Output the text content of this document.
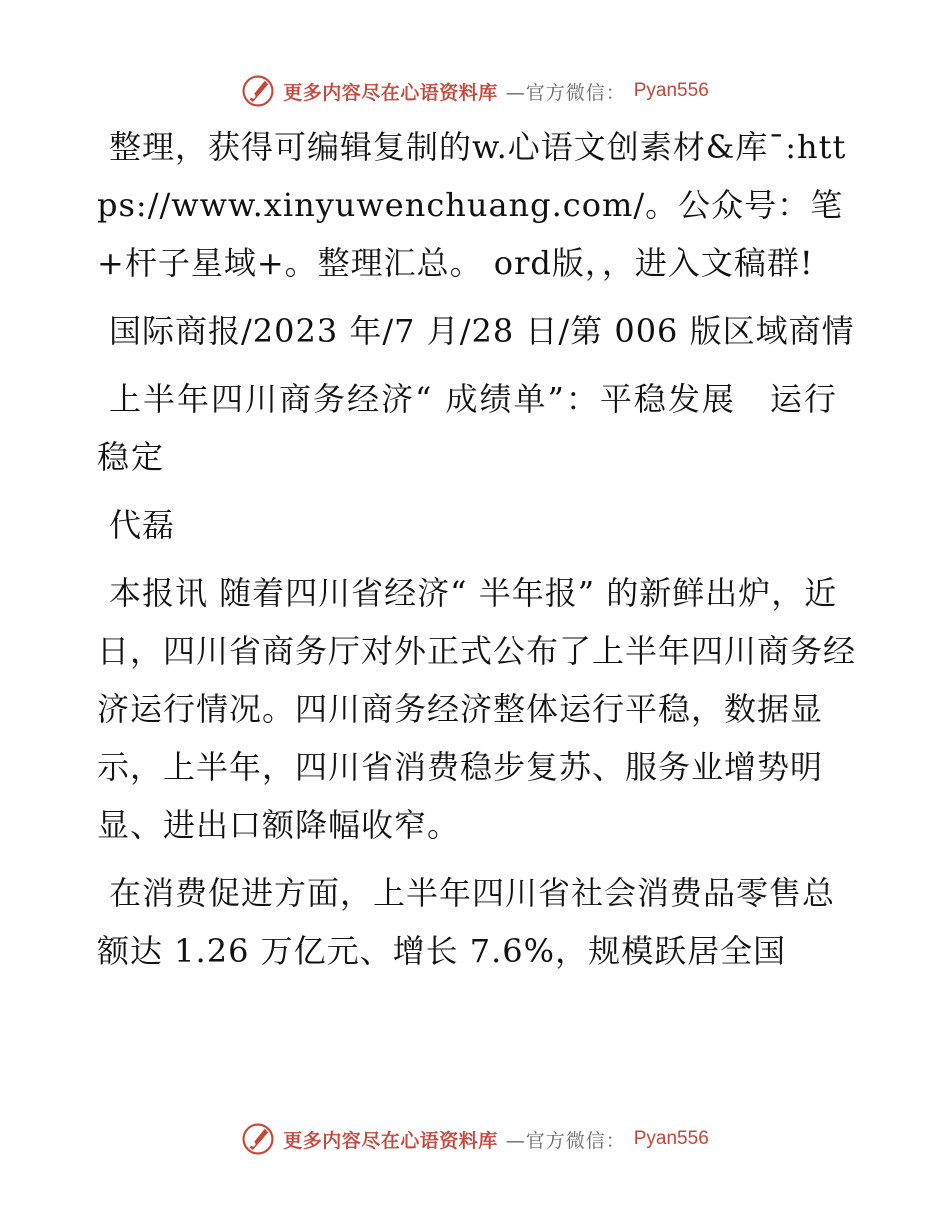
更多内容尽在心语资料库 —官方微信： Pyan556

整理，获得可编辑复制的w.心语文创素材&库¯:https://www.xinyuwenchuang.com/。公众号：笔+杆子星域+。整理汇总。 ord版，，进入文稿群!

国际商报/2023 年/7 月/28 日/第 006 版区域商情

上半年四川商务经济“ 成绩单”：平稳发展　运行稳定

代磊

本报讯 随着四川省经济“ 半年报” 的新鲜出炉，近日，四川省商务厅对外正式公布了上半年四川商务经济运行情况。四川商务经济整体运行平稳，数据显示，上半年，四川省消费稳步复苏、服务业增势明显、进出口额降幅收窄。

在消费促进方面，上半年四川省社会消费品零售总额达 1.26 万亿元、增长 7.6%，规模跃居全国

更多内容尽在心语资料库 —官方微信： Pyan556
